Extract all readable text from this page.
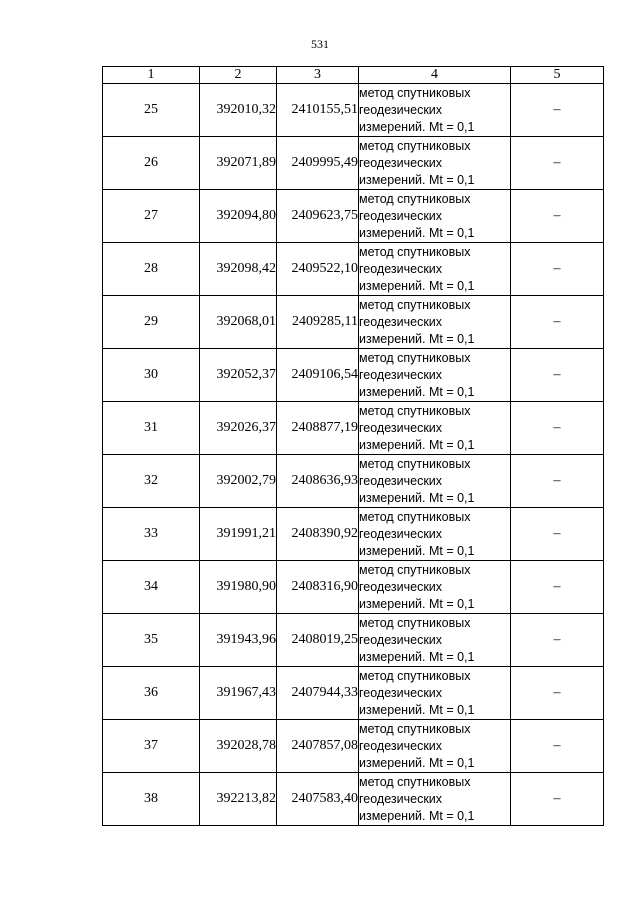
531
1	2	3	4	5
25	392010,32	2410155,51	метод спутниковых геодезических измерений. Mt = 0,1	–
26	392071,89	2409995,49	метод спутниковых геодезических измерений. Mt = 0,1	–
27	392094,80	2409623,75	метод спутниковых геодезических измерений. Mt = 0,1	–
28	392098,42	2409522,10	метод спутниковых геодезических измерений. Mt = 0,1	–
29	392068,01	2409285,11	метод спутниковых геодезических измерений. Mt = 0,1	–
30	392052,37	2409106,54	метод спутниковых геодезических измерений. Mt = 0,1	–
31	392026,37	2408877,19	метод спутниковых геодезических измерений. Mt = 0,1	–
32	392002,79	2408636,93	метод спутниковых геодезических измерений. Mt = 0,1	–
33	391991,21	2408390,92	метод спутниковых геодезических измерений. Mt = 0,1	–
34	391980,90	2408316,90	метод спутниковых геодезических измерений. Mt = 0,1	–
35	391943,96	2408019,25	метод спутниковых геодезических измерений. Mt = 0,1	–
36	391967,43	2407944,33	метод спутниковых геодезических измерений. Mt = 0,1	–
37	392028,78	2407857,08	метод спутниковых геодезических измерений. Mt = 0,1	–
38	392213,82	2407583,40	метод спутниковых геодезических измерений. Mt = 0,1	–
